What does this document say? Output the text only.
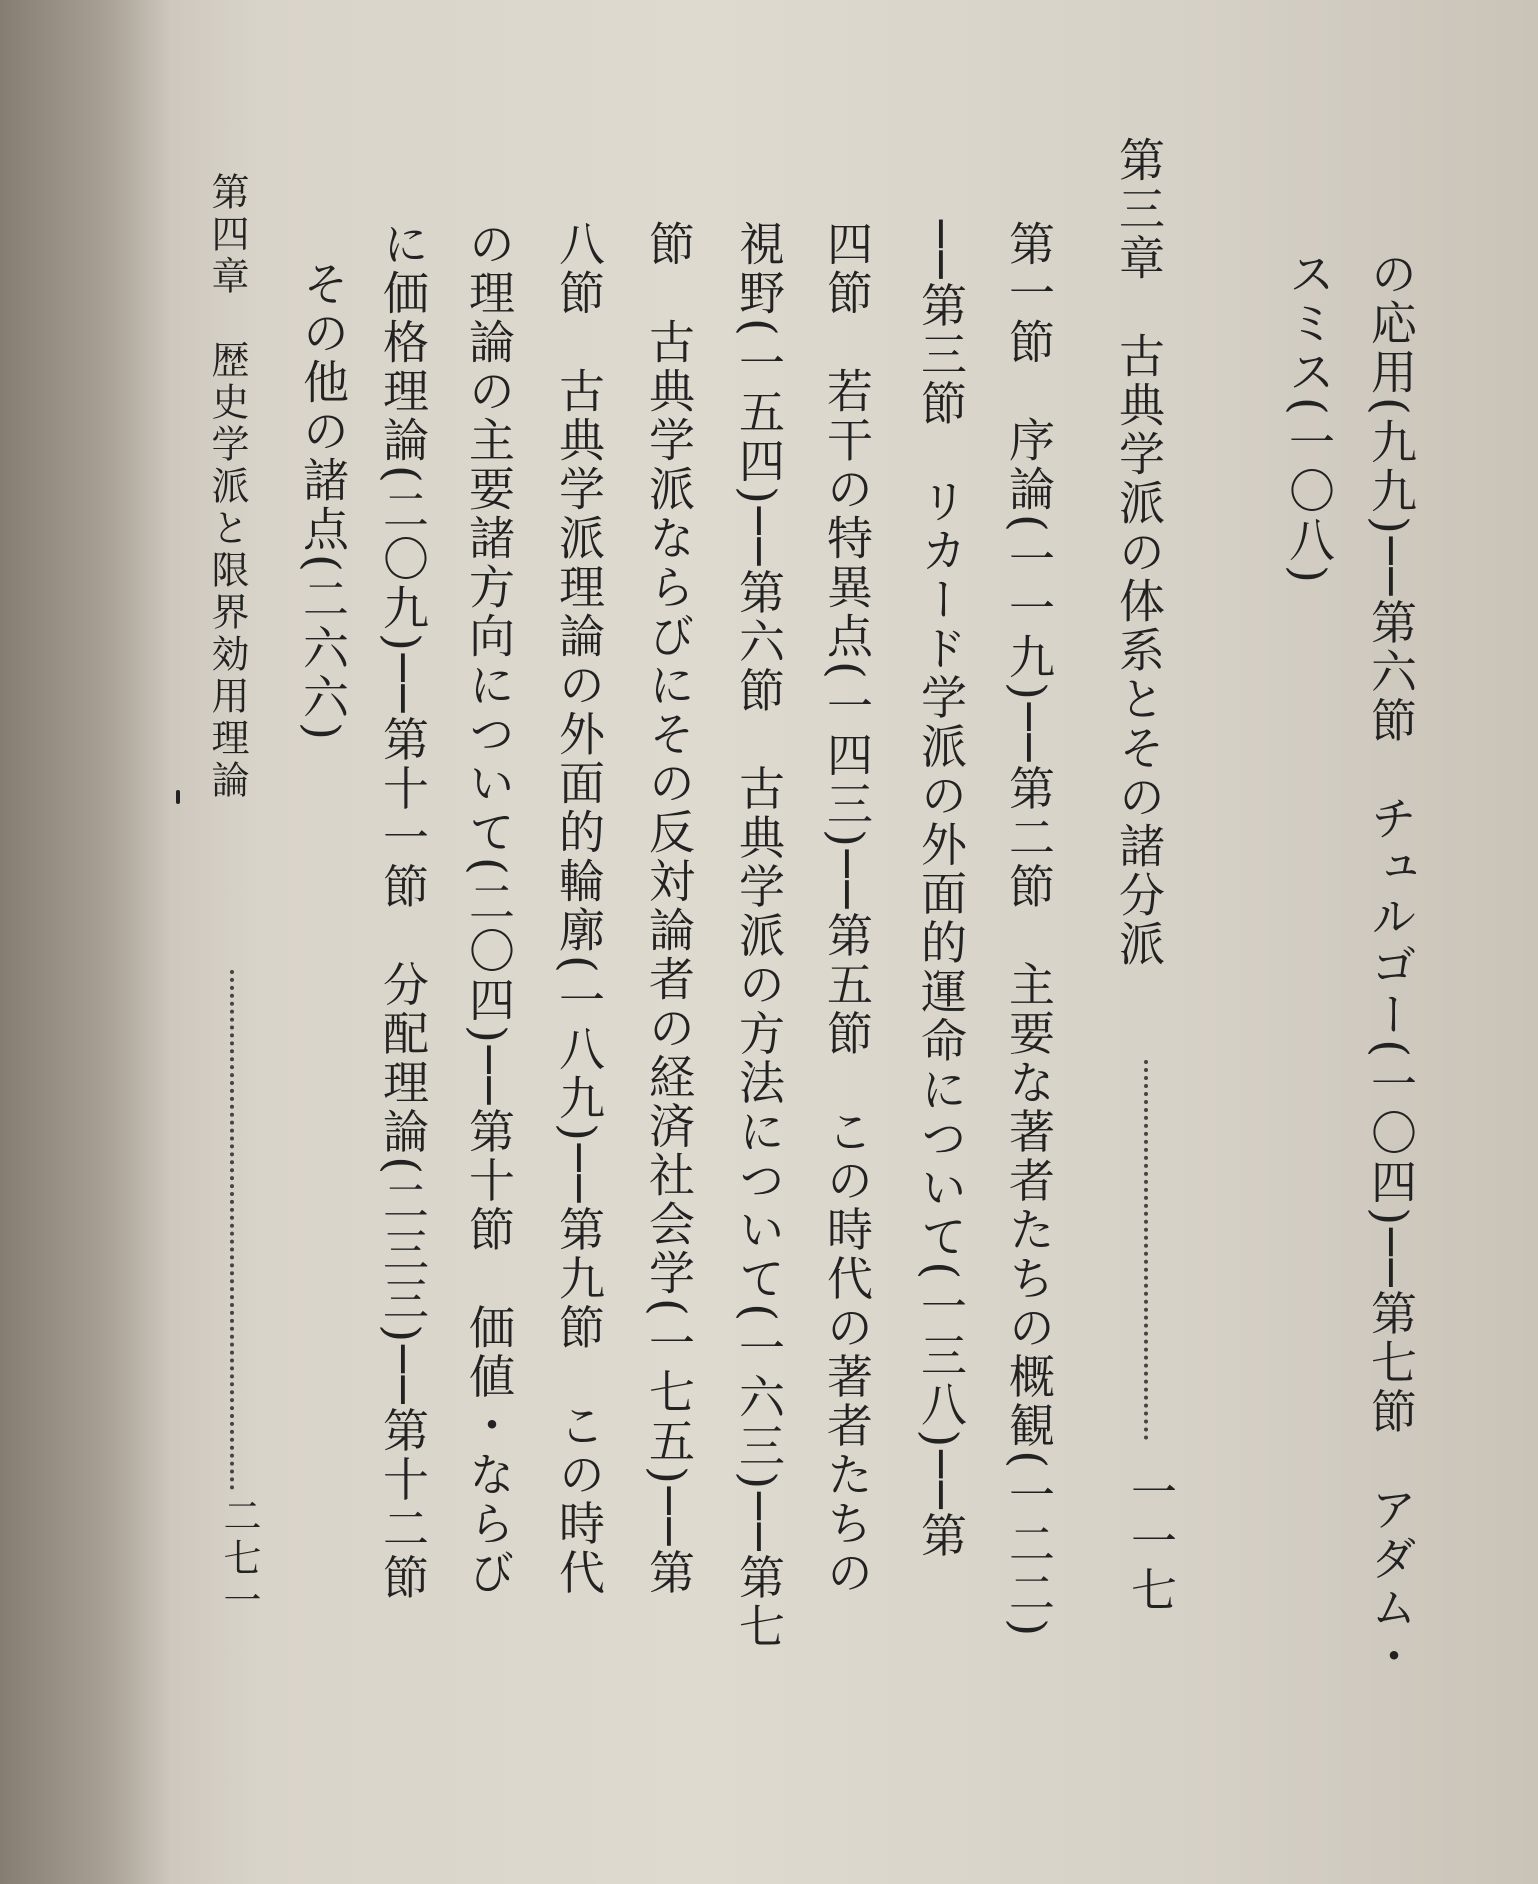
の応用(九九)──第六節　チュルゴー(一〇四)──第七節　アダム・
スミス(一〇八)
第三章　古典学派の体系とその諸分派
一一七
第一節　序論(一一九)──第二節　主要な著者たちの概観(一二二)
──第三節　リカード学派の外面的運命について(一三八)──第
四節　若干の特異点(一四三)──第五節　この時代の著者たちの
視野(一五四)──第六節　古典学派の方法について(一六三)──第七
節　古典学派ならびにその反対論者の経済社会学(一七五)──第
八節　古典学派理論の外面的輪廓(一八九)──第九節　この時代
の理論の主要諸方向について(二〇四)──第十節　価値・ならび
に価格理論(二〇九)──第十一節　分配理論(二三三)──第十二節
その他の諸点(二六六)
第四章　歴史学派と限界効用理論
二七一
